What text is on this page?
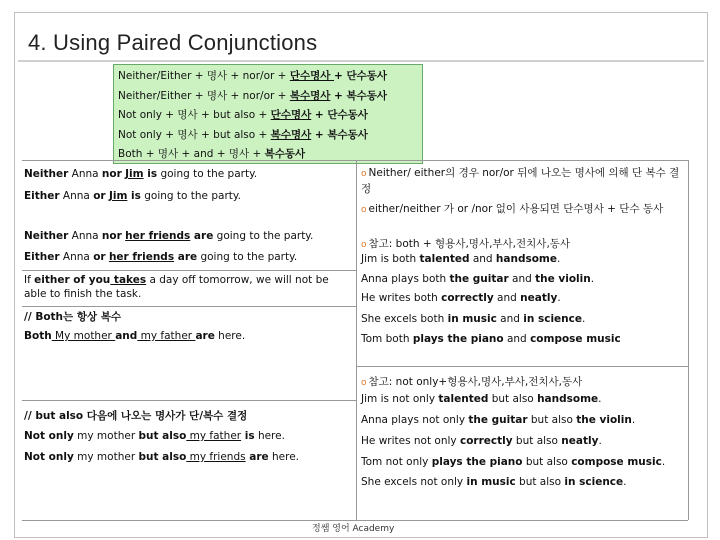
4. Using Paired Conjunctions
Neither/Either + 명사 + nor/or + 단수명사 + 단수동사
Neither/Either + 명사 + nor/or + 복수명사 + 복수동사
Not only + 명사 + but also + 단수명사 + 단수동사
Not only + 명사 + but also + 복수명사 + 복수동사
Both + 명사 + and + 명사 + 복수동사
Neither Anna nor Jim is going to the party.
Either Anna or Jim is going to the party.
Neither Anna nor her friends are going to the party.
Either Anna or her friends are going to the party.
If either of you takes a day off tomorrow, we will not be able to finish the task.
// Both는 항상 복수
Both My mother and my father are here.
// but also 다음에 나오는 명사가 단/복수 결정
Not only my mother but also my father is here.
Not only my mother but also my friends are here.
o Neither/ either의 경우 nor/or 뒤에 나오는 명사에 의해 단 복수 결정
o either/neither 가 or /nor 없이 사용되면 단수명사 + 단수 동사
o 참고: both + 형용사,명사,부사,전치사,동사
Jim is both talented and handsome.
Anna plays both the guitar and the violin.
He writes both correctly and neatly.
She excels both in music and in science.
Tom both plays the piano and compose music
o 참고: not only+형용사,명사,부사,전치사,동사
Jim is not only talented but also handsome.
Anna plays not only the guitar but also the violin.
He writes not only correctly but also neatly.
Tom not only plays the piano but also compose music.
She excels not only in music but also in science.
정쌤 영어 Academy
